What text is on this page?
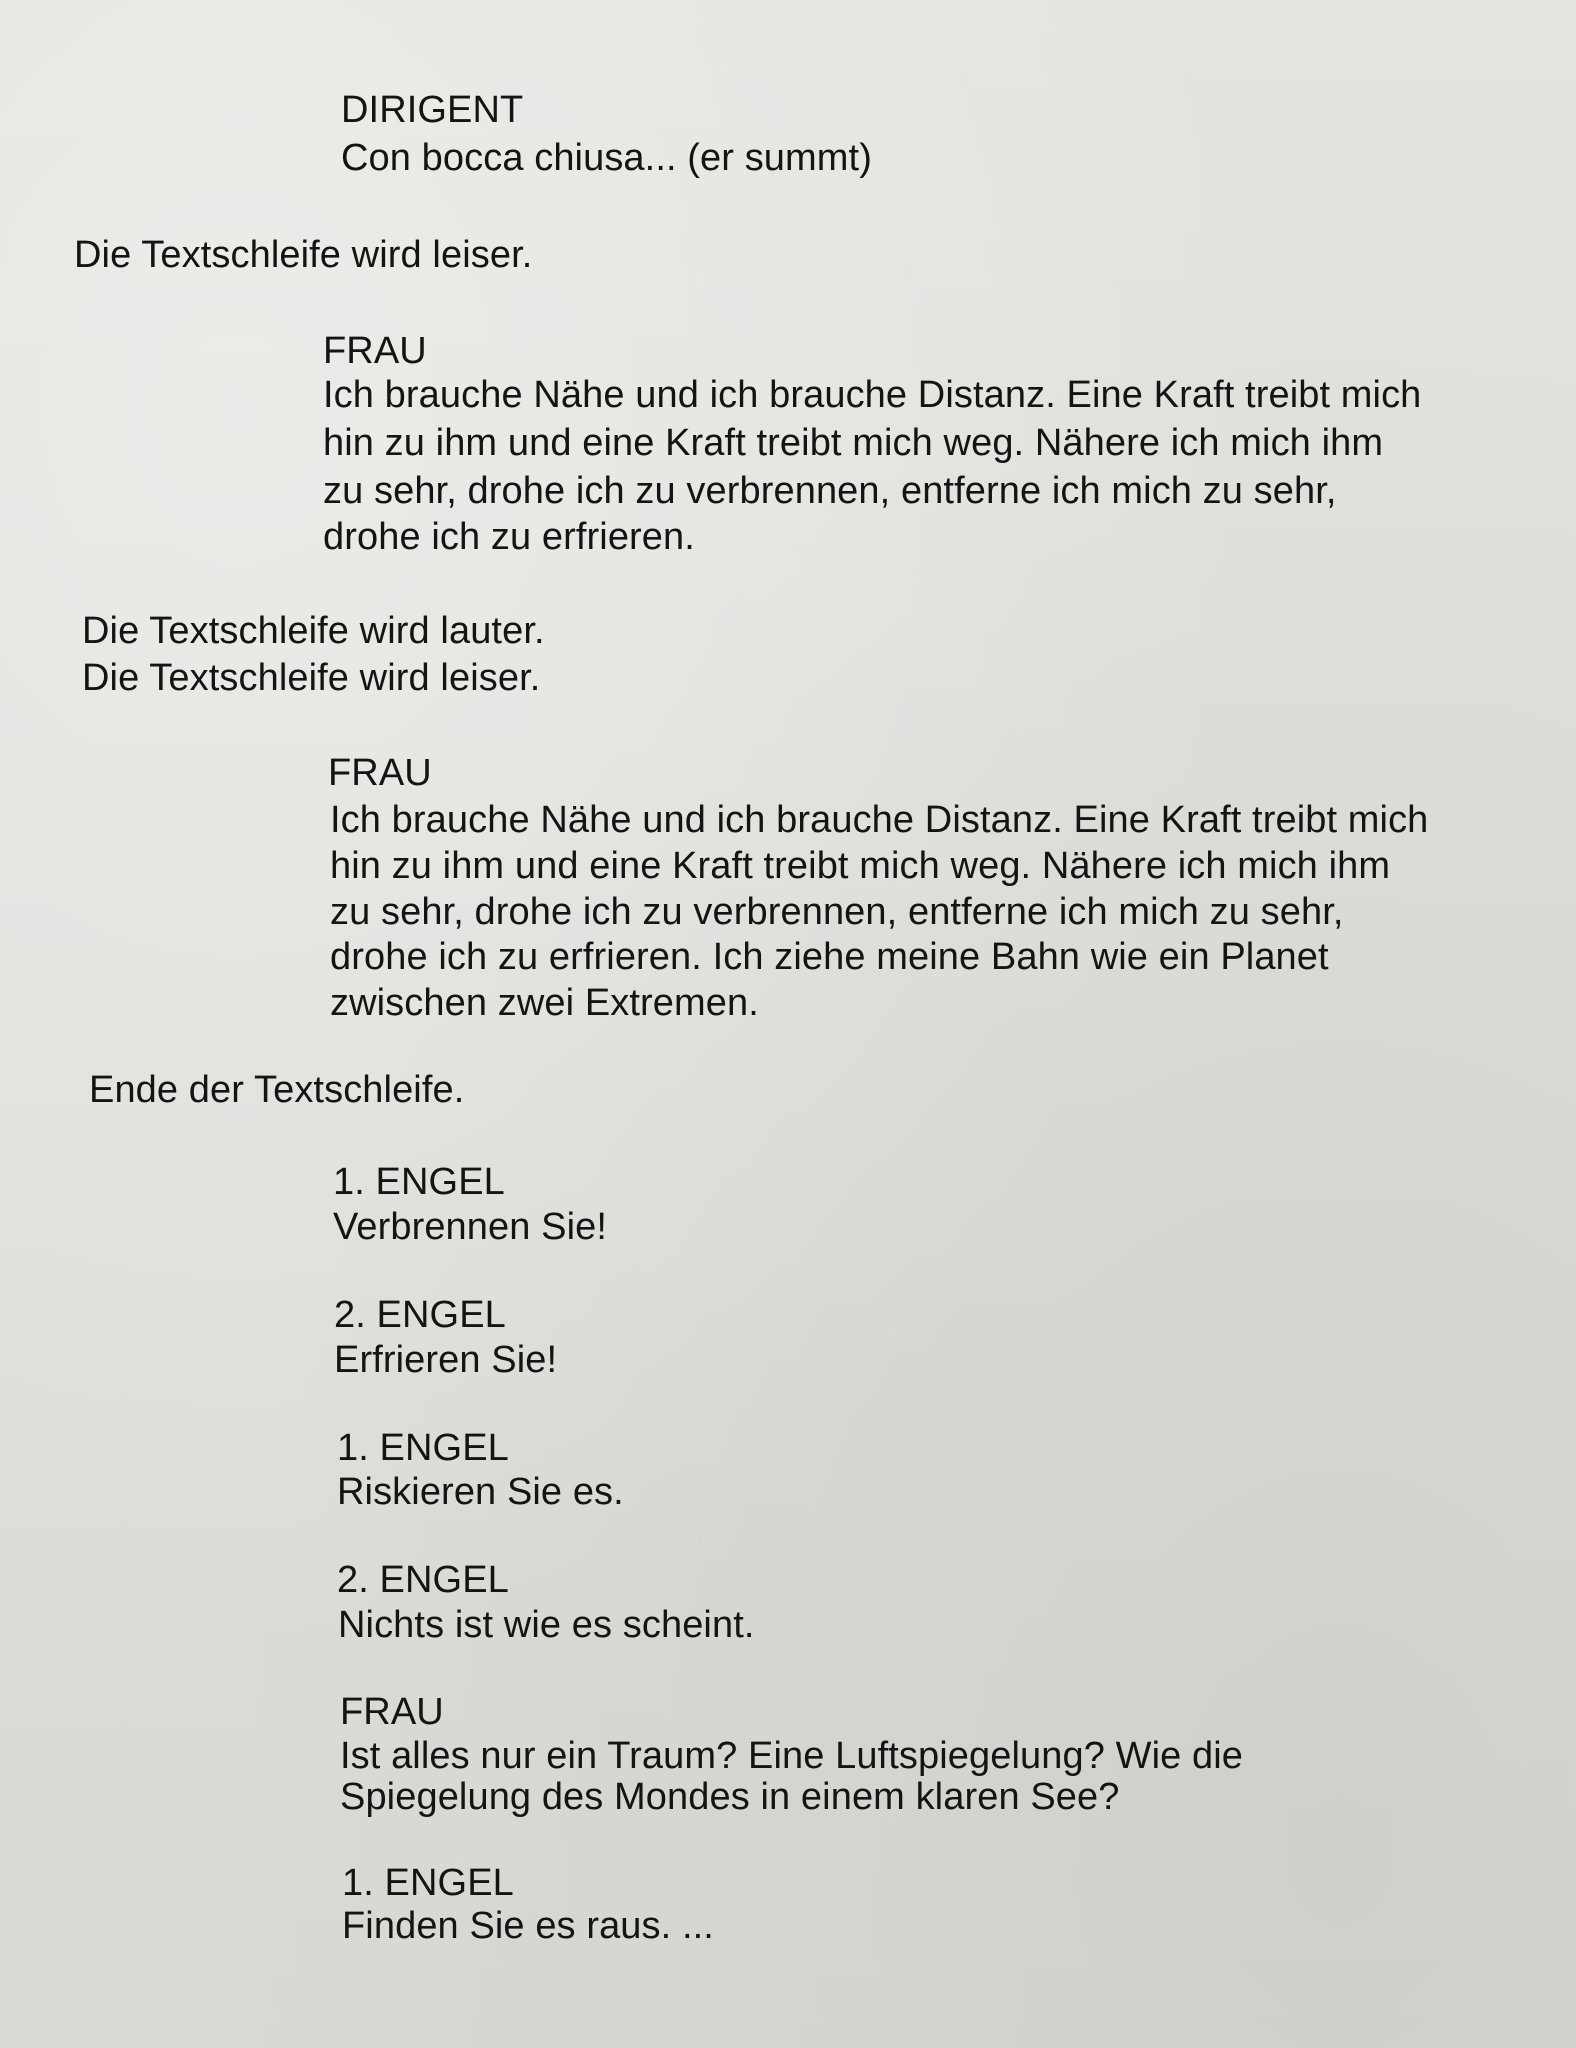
DIRIGENT

Con bocca chiusa... (er summt)

Die Textschleife wird leiser.

FRAU

Ich brauche Nähe und ich brauche Distanz. Eine Kraft treibt mich

hin zu ihm und eine Kraft treibt mich weg. Nähere ich mich ihm

zu sehr, drohe ich zu verbrennen, entferne ich mich zu sehr,

drohe ich zu erfrieren.

Die Textschleife wird lauter.

Die Textschleife wird leiser.

FRAU

Ich brauche Nähe und ich brauche Distanz. Eine Kraft treibt mich

hin zu ihm und eine Kraft treibt mich weg. Nähere ich mich ihm

zu sehr, drohe ich zu verbrennen, entferne ich mich zu sehr,

drohe ich zu erfrieren. Ich ziehe meine Bahn wie ein Planet

zwischen zwei Extremen.

Ende der Textschleife.

1. ENGEL

Verbrennen Sie!

2. ENGEL

Erfrieren Sie!

1. ENGEL

Riskieren Sie es.

2. ENGEL

Nichts ist wie es scheint.

FRAU

Ist alles nur ein Traum? Eine Luftspiegelung? Wie die

Spiegelung des Mondes in einem klaren See?

1. ENGEL

Finden Sie es raus. ...
